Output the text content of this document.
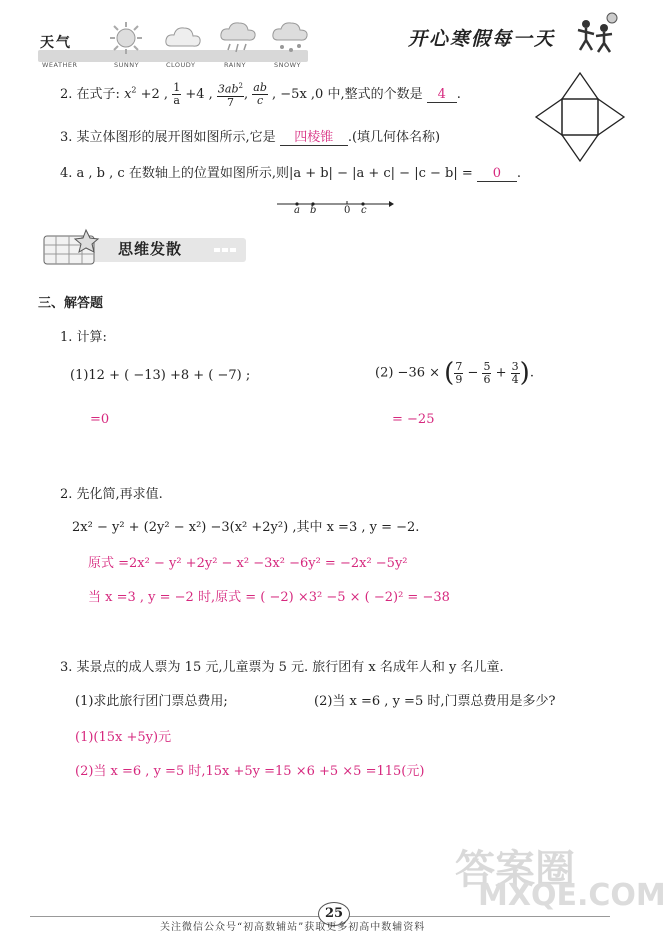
天气
WEATHER	SUNNY	CLOUDY	RAINY	SNOWY
开心寒假每一天
2. 在式子: $x^2 +2$ , $\frac{1}{a} +4$ , $\frac{3ab^2}{7}$ , $\frac{ab}{c}$ , −5x ,0 中,整式的个数是 4 .
3. 某立体图形的展开图如图所示,它是 四棱锥 .(填几何体名称)
4. a , b , c 在数轴上的位置如图所示,则|a + b| − |a + c| − |c − b| = 0 .
a b	0 c
思维发散
三、解答题
1. 计算:
(1)12 + ( −13) +8 + ( −7) ;	(2) −36 × ( $\frac{7}{9} - \frac{5}{6} + \frac{3}{4}$ ).
=0	= −25
2. 先化简,再求值.
2x² − y² + (2y² − x²) −3(x² +2y²) ,其中 x =3 , y = −2.
原式 =2x² − y² +2y² − x² −3x² −6y² = −2x² −5y²
当 x =3 , y = −2 时,原式 = ( −2) ×3² −5 × ( −2)² = −38
3. 某景点的成人票为 15 元,儿童票为 5 元. 旅行团有 x 名成年人和 y 名儿童.
(1)求此旅行团门票总费用;	(2)当 x =6 , y =5 时,门票总费用是多少?
(1)(15x +5y)元
(2)当 x =6 , y =5 时,15x +5y =15 ×6 +5 ×5 =115(元)
答案圈
MXQE.COM
25
关注微信公众号“初高数辅站”获取更多初高中数辅资料
